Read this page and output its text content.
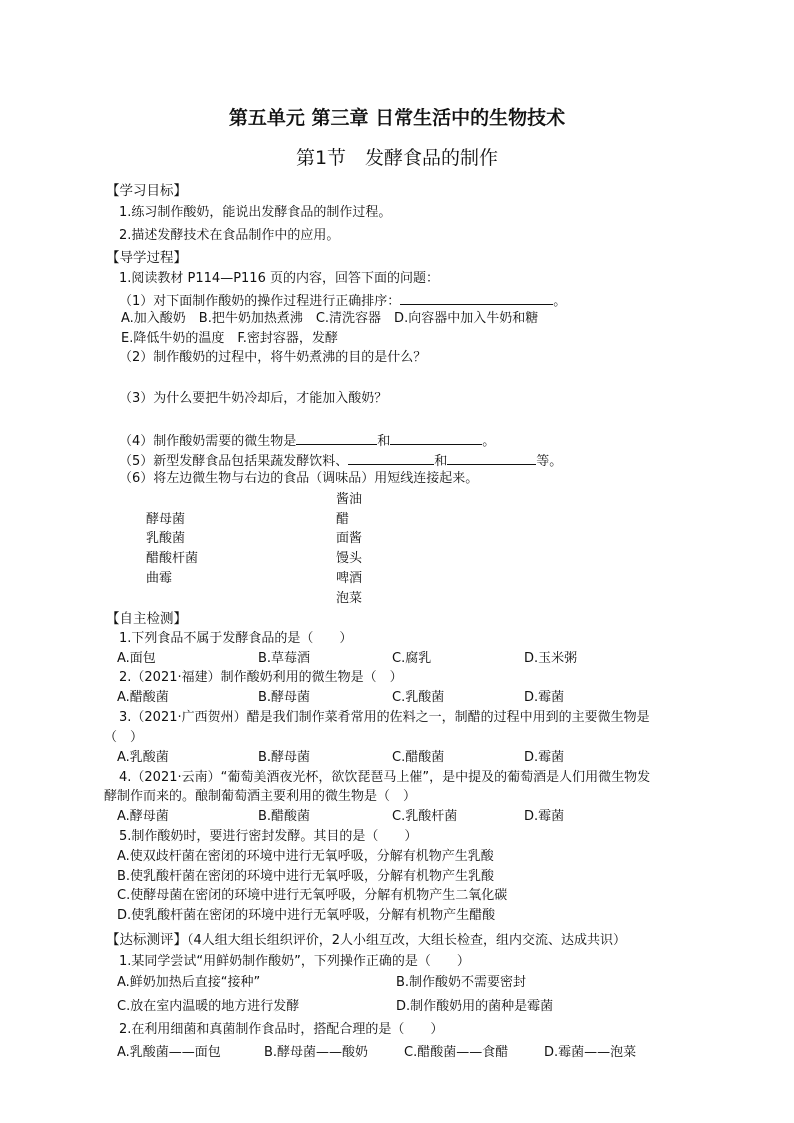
第五单元 第三章 日常生活中的生物技术
第1节　发酵食品的制作
【学习目标】
1.练习制作酸奶，能说出发酵食品的制作过程。
2.描述发酵技术在食品制作中的应用。
【导学过程】
1.阅读教材 P114—P116 页的内容，回答下面的问题：
（1）对下面制作酸奶的操作过程进行正确排序：	。
A.加入酸奶　B.把牛奶加热煮沸　C.清洗容器　D.向容器中加入牛奶和糖
E.降低牛奶的温度　F.密封容器，发酵
（2）制作酸奶的过程中，将牛奶煮沸的目的是什么？
（3）为什么要把牛奶冷却后，才能加入酸奶？
（4）制作酸奶需要的微生物是	和	。
（5）新型发酵食品包括果蔬发酵饮料、	和	等。
（6）将左边微生物与右边的食品（调味品）用短线连接起来。
酵母菌
乳酸菌
醋酸杆菌
曲霉
酱油
醋
面酱
馒头
啤酒
泡菜
【自主检测】
1.下列食品不属于发酵食品的是（　　）
A.面包	B.草莓酒	C.腐乳	D.玉米粥
2.（2021·福建）制作酸奶利用的微生物是（　）
A.醋酸菌	B.酵母菌	C.乳酸菌	D.霉菌
3.（2021·广西贺州）醋是我们制作菜肴常用的佐料之一，制醋的过程中用到的主要微生物是
（　）
A.乳酸菌	B.酵母菌	C.醋酸菌	D.霉菌
4.（2021·云南）“葡萄美酒夜光杯，欲饮琵琶马上催”，是中提及的葡萄酒是人们用微生物发
酵制作而来的。酿制葡萄酒主要利用的微生物是（　）
A.酵母菌	B.醋酸菌	C.乳酸杆菌	D.霉菌
5.制作酸奶时，要进行密封发酵。其目的是（　　）
A.使双歧杆菌在密闭的环境中进行无氧呼吸，分解有机物产生乳酸
B.使乳酸杆菌在密闭的环境中进行无氧呼吸，分解有机物产生乳酸
C.使酵母菌在密闭的环境中进行无氧呼吸，分解有机物产生二氧化碳
D.使乳酸杆菌在密闭的环境中进行无氧呼吸，分解有机物产生醋酸
【达标测评】（4人组大组长组织评价，2人小组互改，大组长检查，组内交流、达成共识）
1.某同学尝试“用鲜奶制作酸奶”，下列操作正确的是（　　）
A.鲜奶加热后直接“接种”	B.制作酸奶不需要密封
C.放在室内温暖的地方进行发酵	D.制作酸奶用的菌种是霉菌
2.在利用细菌和真菌制作食品时，搭配合理的是（　　）
A.乳酸菌——面包	B.酵母菌——酸奶	C.醋酸菌——食醋	D.霉菌——泡菜
